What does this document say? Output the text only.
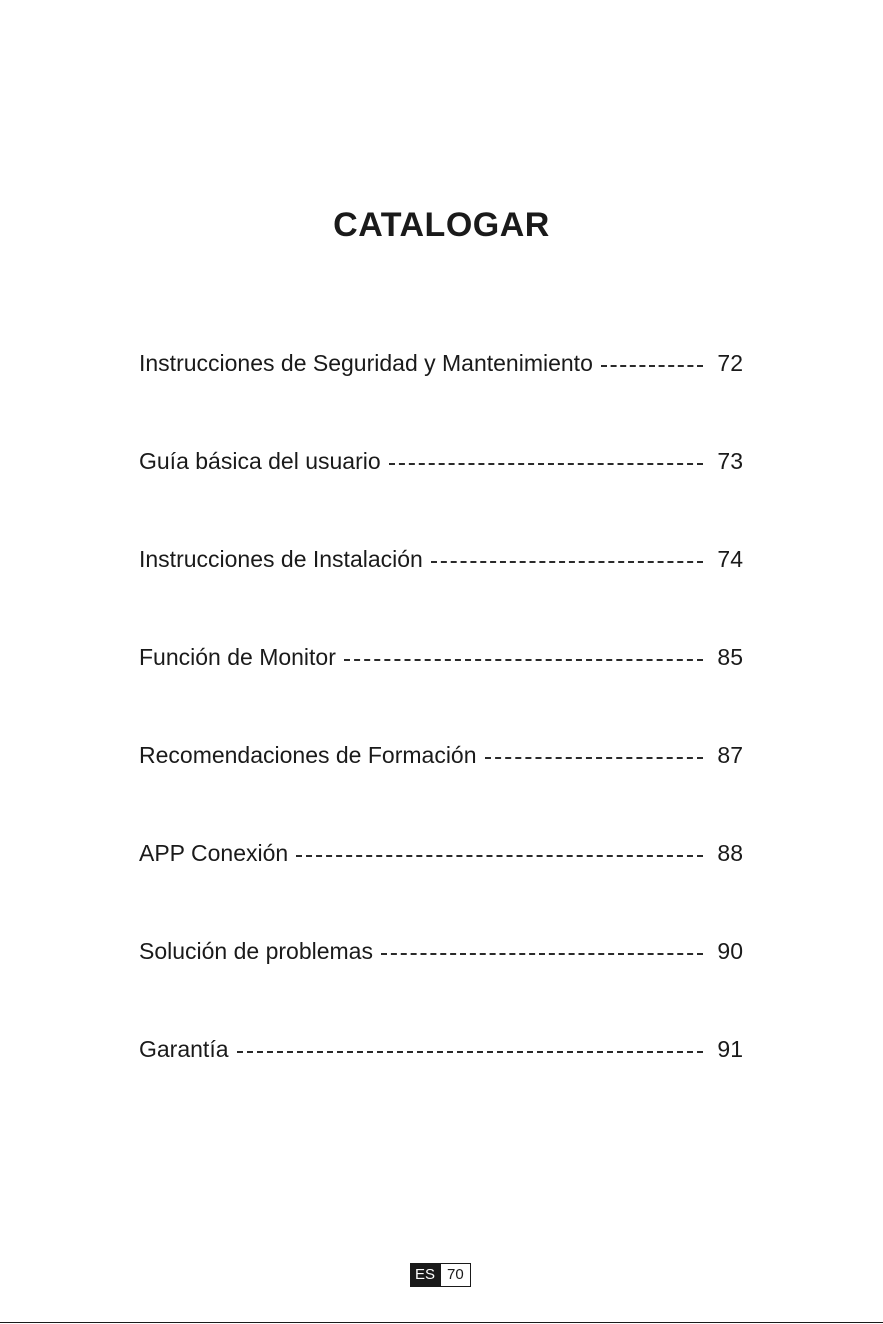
CATALOGAR
Instrucciones de Seguridad y Mantenimiento	72
Guía básica del usuario	73
Instrucciones de Instalación	74
Función de Monitor	85
Recomendaciones de Formación	87
APP Conexión	88
Solución de problemas	90
Garantía	91
ES 70
